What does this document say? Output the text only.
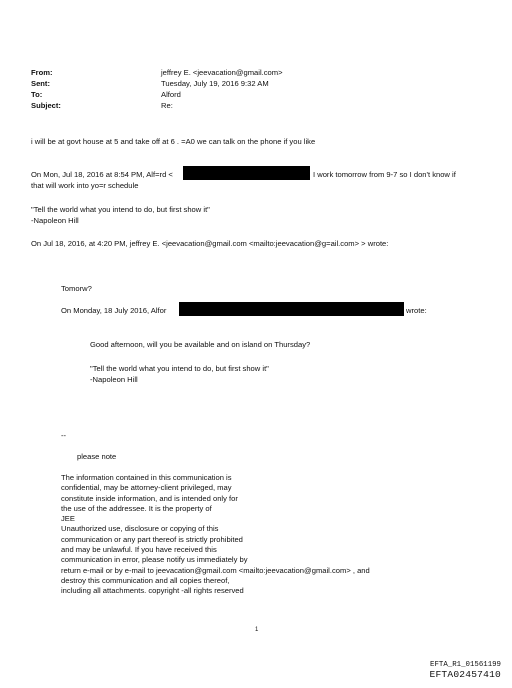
From:	jeffrey E. <jeevacation@gmail.com>
Sent:	Tuesday, July 19, 2016 9:32 AM
To:	Alford
Subject:	Re:
i will be at govt house at 5 and take off at 6 . =A0 we can talk on the phone if you like
On Mon, Jul 18, 2016 at 8:54 PM, Alf=rd <	I work tomorrow from 9-7 so I don't know if
that will work into yo=r schedule
"Tell the world what you intend to do, but first show it"
-Napoleon Hill
On Jul 18, 2016, at 4:20 PM, jeffrey E. <jeevacation@gmail.com <mailto:jeevacation@g=ail.com> > wrote:
Tomorw?
On Monday, 18 July 2016, Alfor	wrote:
Good afternoon, will you be available and on island on Thursday?
"Tell the world what you intend to do, but first show it"
-Napoleon Hill
--
please note
The information contained in this communication is
confidential, may be attorney-client privileged, may
constitute inside information, and is intended only for
the use of the addressee. It is the property of
JEE
Unauthorized use, disclosure or copying of this
communication or any part thereof is strictly prohibited
and may be unlawful. If you have received this
communication in error, please notify us immediately by
return e-mail or by e-mail to jeevacation@gmail.com <mailto:jeevacation@gmail.com> , and
destroy this communication and all copies thereof,
including all attachments. copyright -all rights reserved
1
EFTA_R1_01561199
EFTA02457410
